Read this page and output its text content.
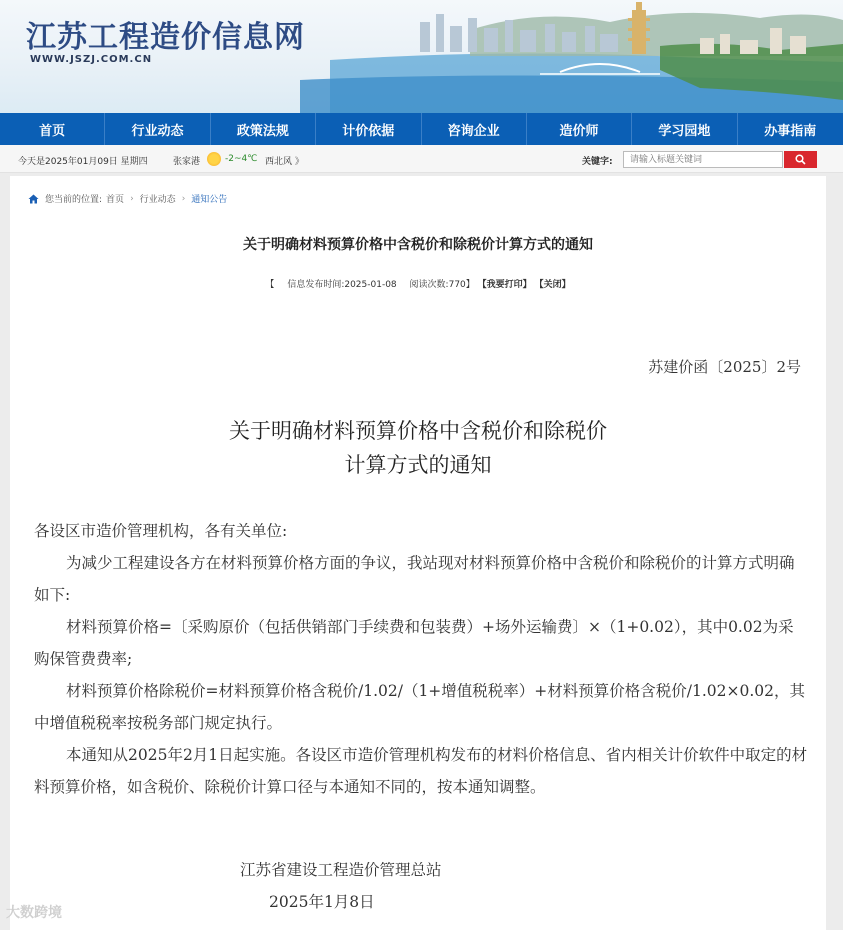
江苏工程造价信息网
WWW.JSZJ.COM.CN
首页	行业动态	政策法规	计价依据	咨询企业	造价师	学习园地	办事指南
今天是2025年01月09日 星期四	张家港	-2~4℃ 西北风 》	关键字:
请输入标题关键词
您当前的位置: 首页 › 行业动态 › 通知公告
关于明确材料预算价格中含税价和除税价计算方式的通知
【 信息发布时间:2025-01-08 阅读次数:770】 【我要打印】 【关闭】
苏建价函〔2025〕2号
关于明确材料预算价格中含税价和除税价
计算方式的通知

各设区市造价管理机构，各有关单位:

为减少工程建设各方在材料预算价格方面的争议，我站现对材料预算价格中含税价和除税价的计算方式明确如下:

材料预算价格=〔采购原价（包括供销部门手续费和包装费）+场外运输费〕×（1+0.02），其中0.02为采购保管费费率;

材料预算价格除税价=材料预算价格含税价/1.02/（1+增值税税率）+材料预算价格含税价/1.02×0.02，其中增值税税率按税务部门规定执行。

本通知从2025年2月1日起实施。各设区市造价管理机构发布的材料价格信息、省内相关计价软件中取定的材料预算价格，如含税价、除税价计算口径与本通知不同的，按本通知调整。

江苏省建设工程造价管理总站
2025年1月8日
大数跨境
